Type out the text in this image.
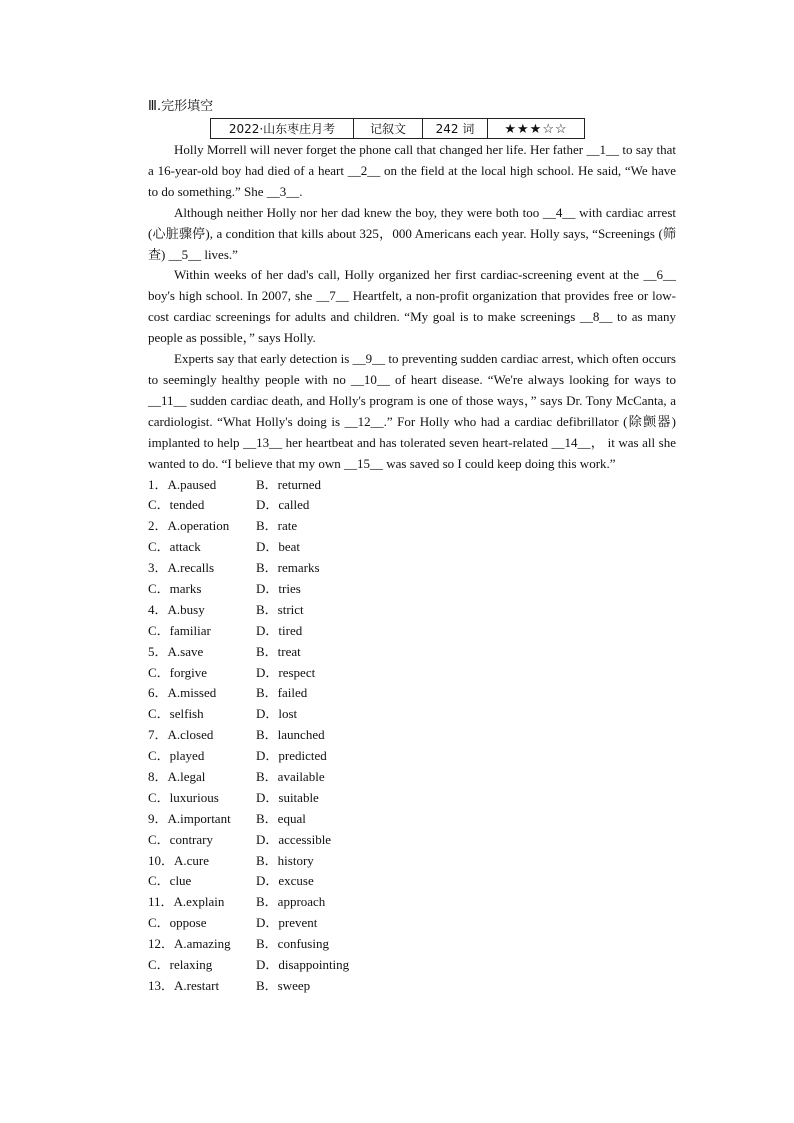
Ⅲ.完形填空
2022·山东枣庄月考	记叙文	242 词	★★★☆☆

Holly Morrell will never forget the phone call that changed her life. Her father __1__ to say that a 16-year-old boy had died of a heart __2__ on the field at the local high school. He said, “We have to do something.” She __3__.

Although neither Holly nor her dad knew the boy, they were both too __4__ with cardiac arrest (心脏骤停), a condition that kills about 325，000 Americans each year. Holly says, “Screenings (筛查) __5__ lives.”

Within weeks of her dad's call, Holly organized her first cardiac-screening event at the __6__ boy's high school. In 2007, she __7__ Heartfelt, a non-profit organization that provides free or low-cost cardiac screenings for adults and children. “My goal is to make screenings __8__ to as many people as possible，” says Holly.

Experts say that early detection is __9__ to preventing sudden cardiac arrest, which often occurs to seemingly healthy people with no __10__ of heart disease. “We're always looking for ways to __11__ sudden cardiac death, and Holly's program is one of those ways，” says Dr. Tony McCanta, a cardiologist. “What Holly's doing is __12__.” For Holly who had a cardiac defibrillator (除颤器) implanted to help __13__ her heartbeat and has tolerated seven heart-related __14__， it was all she wanted to do. “I believe that my own __15__ was saved so I could keep doing this work.”

1．A.paused	B．returned
C．tended	D．called
2．A.operation B．rate
C．attack	D．beat
3．A.recalls	B．remarks
C．marks	D．tries
4．A.busy	B．strict
C．familiar	D．tired
5．A.save	B．treat
C．forgive	D．respect
6．A.missed	B．failed
C．selfish	D．lost
7．A.closed	B．launched
C．played	D．predicted
8．A.legal	B．available
C．luxurious	D．suitable
9．A.important B．equal
C．contrary	D．accessible
10．A.cure	B．history
C．clue	D．excuse
11．A.explain B．approach
C．oppose	D．prevent
12．A.amazing B．confusing
C．relaxing	D．disappointing
13．A.restart	B．sweep
